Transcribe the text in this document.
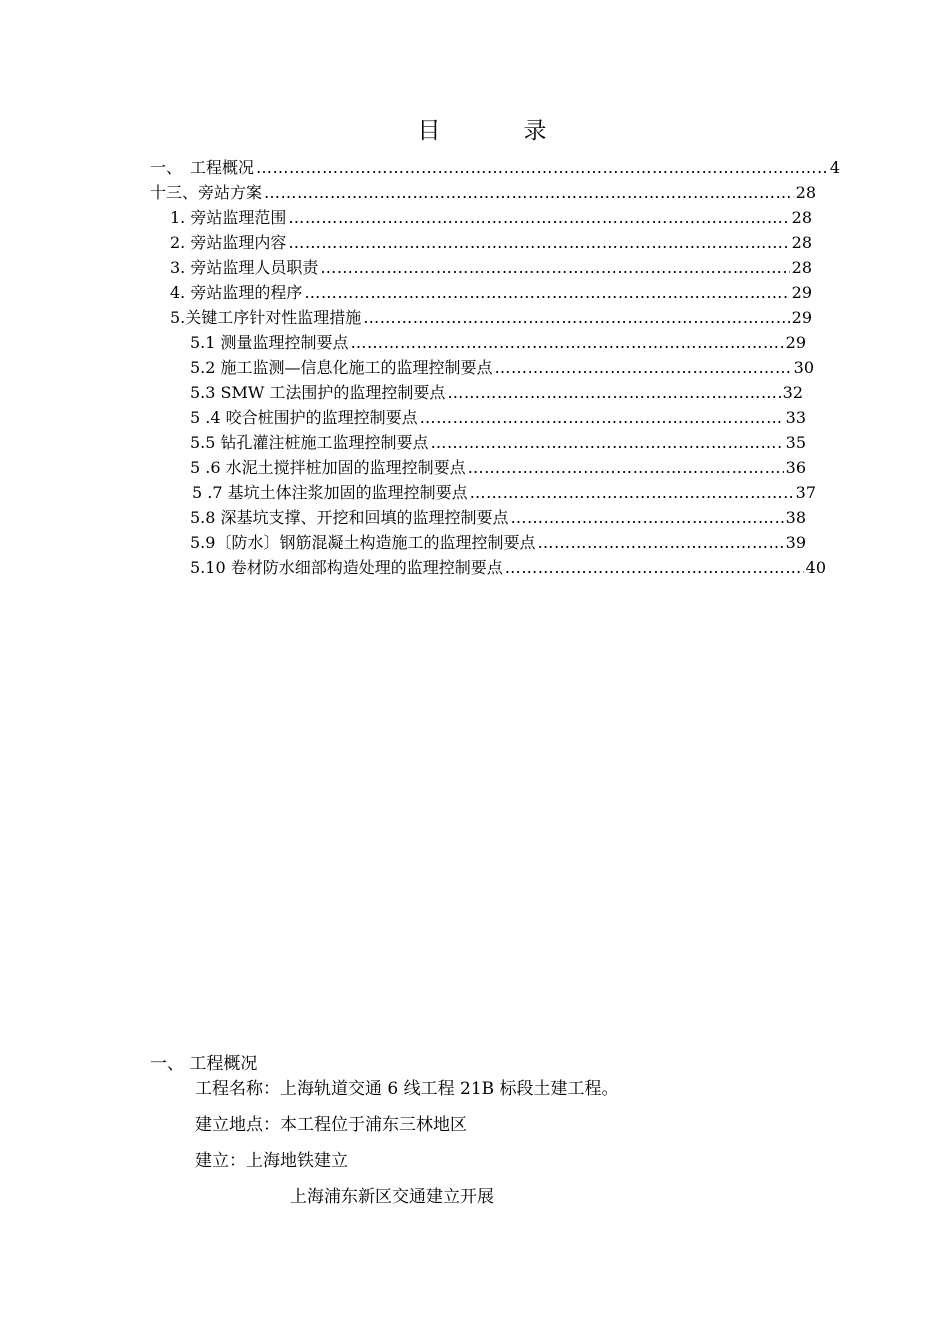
目　录
一、　工程概况 ………………………………………………………………………………………………………………………………………………………………………………………………	4
十三、旁站方案 ………………………………………………………………………………………………………………………………………………………………………………………………	28
1. 旁站监理范围 ………………………………………………………………………………………………………………………………………………………………………………………………	28
2. 旁站监理内容 ………………………………………………………………………………………………………………………………………………………………………………………………	28
3. 旁站监理人员职责 ………………………………………………………………………………………………………………………………………………………………………………………………	28
4. 旁站监理的程序 ………………………………………………………………………………………………………………………………………………………………………………………………	29
5.关键工序针对性监理措施 ………………………………………………………………………………………………………………………………………………………………………………………………	29
5.1 测量监理控制要点 ………………………………………………………………………………………………………………………………………………………………………………………………	29
5.2 施工监测—信息化施工的监理控制要点 ………………………………………………………………………………………………………………………………………………………………………………………………	30
5.3 SMW 工法围护的监理控制要点 ………………………………………………………………………………………………………………………………………………………………………………………………	32
5 .4 咬合桩围护的监理控制要点 ………………………………………………………………………………………………………………………………………………………………………………………………	33
5.5 钻孔灌注桩施工监理控制要点 ………………………………………………………………………………………………………………………………………………………………………………………………	35
5 .6 水泥土搅拌桩加固的监理控制要点 ………………………………………………………………………………………………………………………………………………………………………………………………	36
5 .7 基坑土体注浆加固的监理控制要点 ………………………………………………………………………………………………………………………………………………………………………………………………	37
5.8 深基坑支撑、开挖和回填的监理控制要点 ………………………………………………………………………………………………………………………………………………………………………………………………	38
5.9〔防水〕钢筋混凝土构造施工的监理控制要点 ………………………………………………………………………………………………………………………………………………………………………………………………	39
5.10 卷材防水细部构造处理的监理控制要点 ………………………………………………………………………………………………………………………………………………………………………………………………	40
一、 工程概况
工程名称：上海轨道交通 6 线工程 21B 标段土建工程。
建立地点：本工程位于浦东三林地区
建立：上海地铁建立
上海浦东新区交通建立开展
